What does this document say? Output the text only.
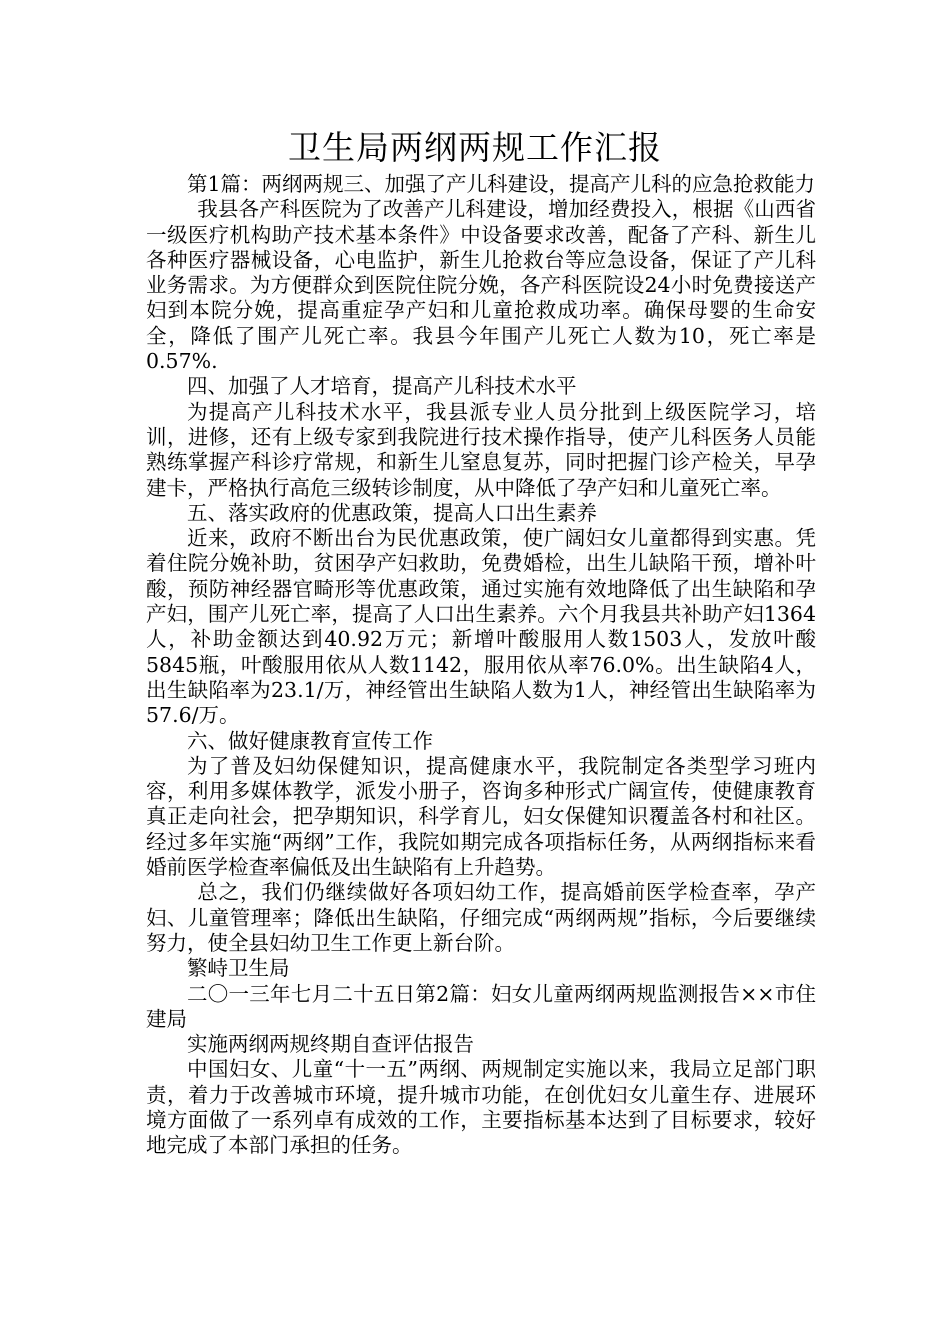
卫生局两纲两规工作汇报

第1篇：两纲两规三、加强了产儿科建设，提高产儿科的应急抢救能力

我县各产科医院为了改善产儿科建设，增加经费投入，根据《山西省一级医疗机构助产技术基本条件》中设备要求改善，配备了产科、新生儿各种医疗器械设备，心电监护，新生儿抢救台等应急设备，保证了产儿科业务需求。为方便群众到医院住院分娩，各产科医院设24小时免费接送产妇到本院分娩，提高重症孕产妇和儿童抢救成功率。确保母婴的生命安全，降低了围产儿死亡率。我县今年围产儿死亡人数为10，死亡率是0.57%.

四、加强了人才培育，提高产儿科技术水平

为提高产儿科技术水平，我县派专业人员分批到上级医院学习，培训，进修，还有上级专家到我院进行技术操作指导，使产儿科医务人员能熟练掌握产科诊疗常规，和新生儿窒息复苏，同时把握门诊产检关，早孕建卡，严格执行高危三级转诊制度，从中降低了孕产妇和儿童死亡率。

五、落实政府的优惠政策，提高人口出生素养

近来，政府不断出台为民优惠政策，使广阔妇女儿童都得到实惠。凭着住院分娩补助，贫困孕产妇救助，免费婚检，出生儿缺陷干预，增补叶酸，预防神经器官畸形等优惠政策，通过实施有效地降低了出生缺陷和孕产妇，围产儿死亡率，提高了人口出生素养。六个月我县共补助产妇1364人，补助金额达到40.92万元；新增叶酸服用人数1503人，发放叶酸5845瓶，叶酸服用依从人数1142，服用依从率76.0%。出生缺陷4人，出生缺陷率为23.1/万，神经管出生缺陷人数为1人，神经管出生缺陷率为57.6/万。

六、做好健康教育宣传工作

为了普及妇幼保健知识，提高健康水平，我院制定各类型学习班内容，利用多媒体教学，派发小册子，咨询多种形式广阔宣传，使健康教育真正走向社会，把孕期知识，科学育儿，妇女保健知识覆盖各村和社区。经过多年实施“两纲”工作，我院如期完成各项指标任务，从两纲指标来看婚前医学检查率偏低及出生缺陷有上升趋势。

总之，我们仍继续做好各项妇幼工作，提高婚前医学检查率，孕产妇、儿童管理率；降低出生缺陷，仔细完成“两纲两规”指标，今后要继续努力，使全县妇幼卫生工作更上新台阶。

繁峙卫生局

二〇一三年七月二十五日第2篇：妇女儿童两纲两规监测报告××市住建局

实施两纲两规终期自查评估报告

中国妇女、儿童“十一五”两纲、两规制定实施以来，我局立足部门职责，着力于改善城市环境，提升城市功能，在创优妇女儿童生存、进展环境方面做了一系列卓有成效的工作，主要指标基本达到了目标要求，较好地完成了本部门承担的任务。
